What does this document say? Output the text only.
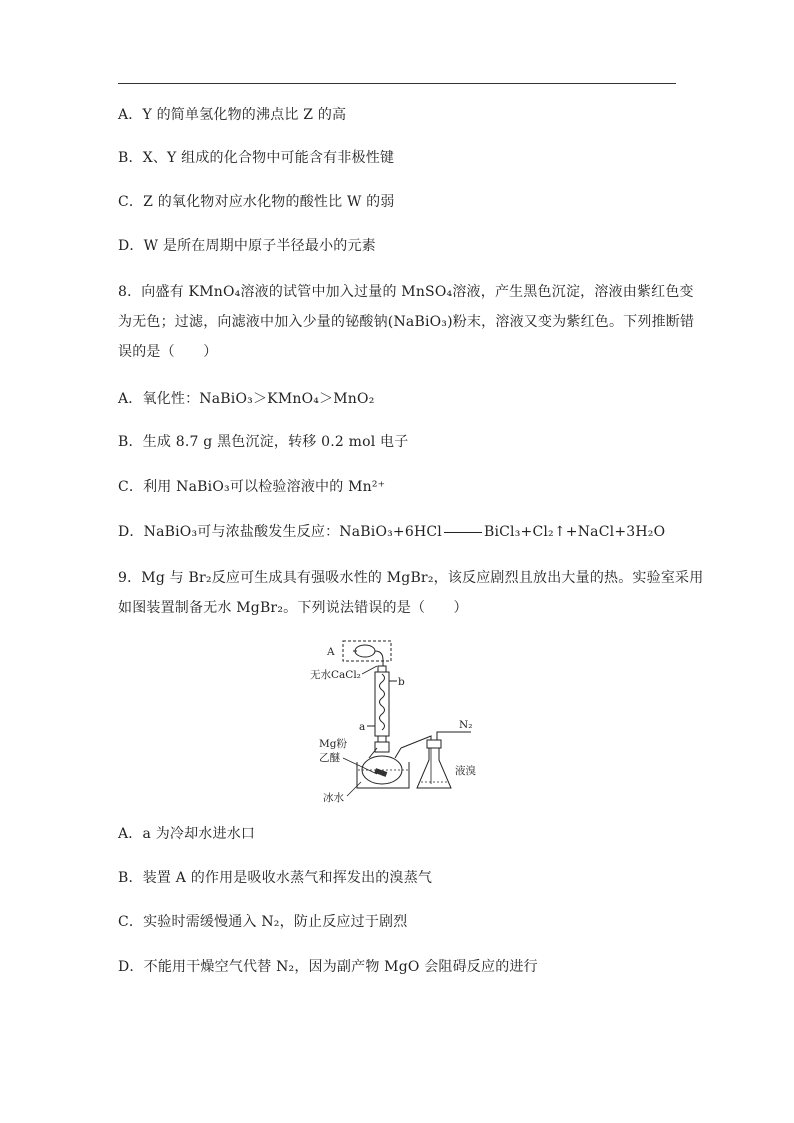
A．Y 的简单氢化物的沸点比 Z 的高
B．X、Y 组成的化合物中可能含有非极性键
C．Z 的氧化物对应水化物的酸性比 W 的弱
D．W 是所在周期中原子半径最小的元素
8．向盛有 KMnO₄溶液的试管中加入过量的 MnSO₄溶液，产生黑色沉淀，溶液由紫红色变
为无色；过滤，向滤液中加入少量的铋酸钠(NaBiO₃)粉末，溶液又变为紫红色。下列推断错
误的是（　　）
A．氧化性：NaBiO₃＞KMnO₄＞MnO₂
B．生成 8.7 g 黑色沉淀，转移 0.2 mol 电子
C．利用 NaBiO₃可以检验溶液中的 Mn²⁺
D．NaBiO₃可与浓盐酸发生反应：NaBiO₃+6HCl	BiCl₃+Cl₂↑+NaCl+3H₂O
9．Mg 与 Br₂反应可生成具有强吸水性的 MgBr₂，该反应剧烈且放出大量的热。实验室采用
如图装置制备无水 MgBr₂。下列说法错误的是（　　）
A
无水CaCl₂
b
a
Mg粉
乙醚
冰水
N₂
液溴
A．a 为冷却水进水口
B．装置 A 的作用是吸收水蒸气和挥发出的溴蒸气
C．实验时需缓慢通入 N₂，防止反应过于剧烈
D．不能用干燥空气代替 N₂，因为副产物 MgO 会阻碍反应的进行
